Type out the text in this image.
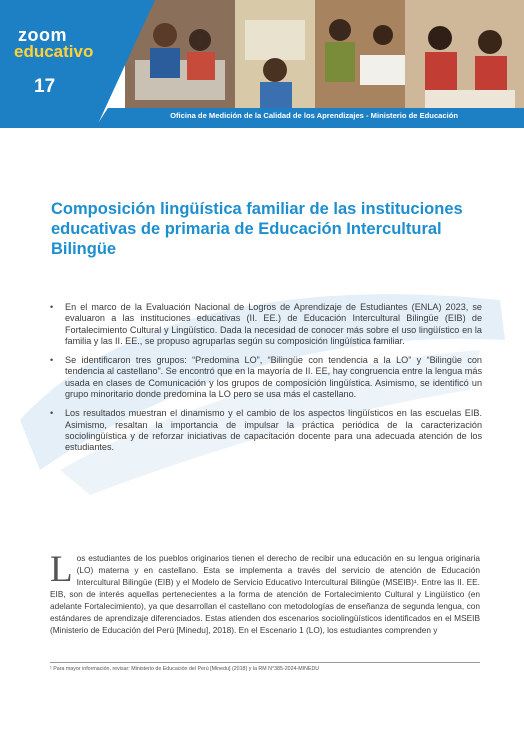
zoom
educativo
17
Oficina de Medición de la Calidad de los Aprendizajes - Ministerio de Educación
Composición lingüística familiar de las instituciones educativas de primaria de Educación Intercultural Bilingüe
• En el marco de la Evaluación Nacional de Logros de Aprendizaje de Estudiantes (ENLA) 2023, se evaluaron a las instituciones educativas (II. EE.) de Educación Intercultural Bilingüe (EIB) de Fortalecimiento Cultural y Lingüístico. Dada la necesidad de conocer más sobre el uso lingüístico en la familia y las II. EE., se propuso agruparlas según su composición lingüística familiar.
• Se identificaron tres grupos: “Predomina LO”, “Bilingüe con tendencia a la LO” y “Bilingüe con tendencia al castellano”. Se encontró que en la mayoría de II. EE, hay congruencia entre la lengua más usada en clases de Comunicación y los grupos de composición lingüística. Asimismo, se identificó un grupo minoritario donde predomina la LO pero se usa más el castellano.
• Los resultados muestran el dinamismo y el cambio de los aspectos lingüísticos en las escuelas EIB. Asimismo, resaltan la importancia de impulsar la práctica periódica de la caracterización sociolingüística y de reforzar iniciativas de capacitación docente para una adecuada atención de los estudiantes.
Los estudiantes de los pueblos originarios tienen el derecho de recibir una educación en su lengua originaria (LO) materna y en castellano. Esta se implementa a través del servicio de atención de Educación Intercultural Bilingüe (EIB) y el Modelo de Servicio Educativo Intercultural Bilingüe (MSEIB)¹. Entre las II. EE. EIB, son de interés aquellas pertenecientes a la forma de atención de Fortalecimiento Cultural y Lingüístico (en adelante Fortalecimiento), ya que desarrollan el castellano con metodologías de enseñanza de segunda lengua, con estándares de aprendizaje diferenciados. Estas atienden dos escenarios sociolingüísticos identificados en el MSEIB (Ministerio de Educación del Perú [Minedu], 2018). En el Escenario 1 (LO), los estudiantes comprenden y
¹ Para mayor información, revisar: Ministerio de Educación del Perú [Minedu] (2018) y la RM N°385-2024-MINEDU
